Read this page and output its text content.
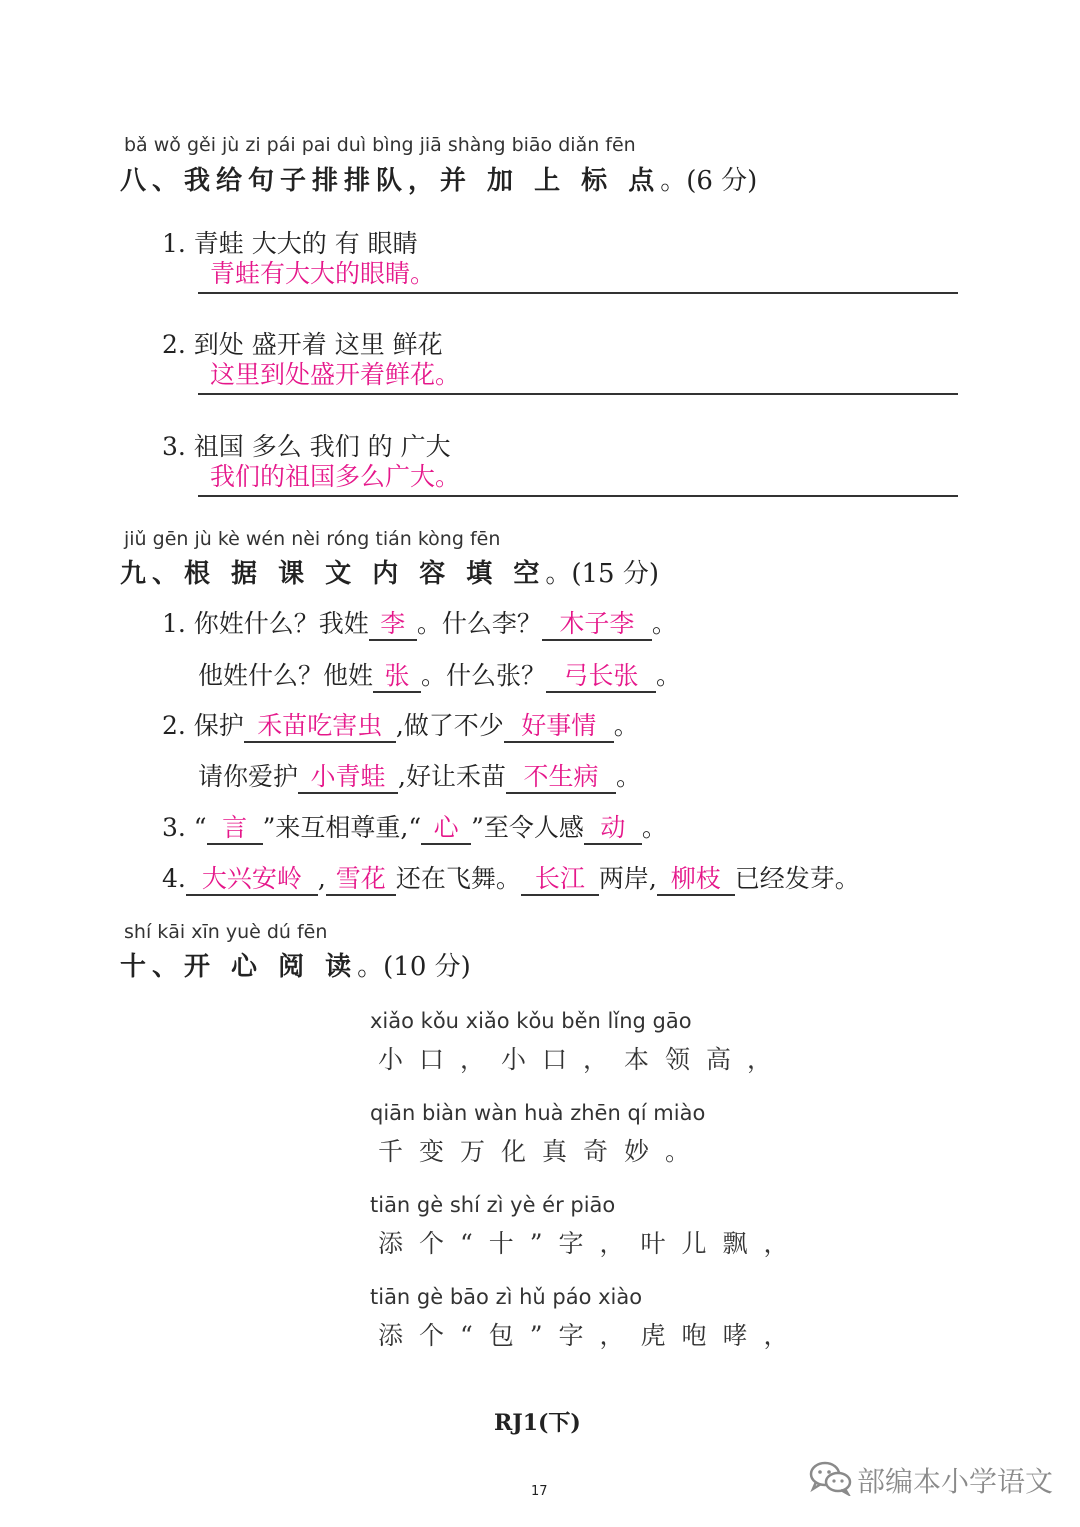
bǎ wǒ gěi jù zi pái pai duì bìng jiā shàng biāo diǎn fēn
八、我给句子排排队，并 加 上 标 点。(6 分)
1. 青蛙 大大的 有 眼睛
青蛙有大大的眼睛。
2. 到处 盛开着 这里 鲜花
这里到处盛开着鲜花。
3. 祖国 多么 我们 的 广大
我们的祖国多么广大。
jiǔ gēn jù kè wén nèi róng tián kòng fēn
九、根 据 课 文 内 容 填 空。(15 分)
1. 你姓什么？我姓 李 。什么李？ 木子李 。
他姓什么？他姓 张 。什么张？ 弓长张 。
2. 保护 禾苗吃害虫 ,做了不少 好事情 。
请你爱护 小青蛙 ,好让禾苗 不生病 。
3. “ 言 ”来互相尊重,“ 心 ”至令人感 动 。
4. 大兴安岭 , 雪花 还在飞舞。 长江 两岸, 柳枝 已经发芽。
shí kāi xīn yuè dú fēn
十、开 心 阅 读。(10 分)
xiǎo kǒu xiǎo kǒu běn lǐng gāo
小口，小口，本领高，
qiān biàn wàn huà zhēn qí miào
千变万化真奇妙。
tiān gè shí zì yè ér piāo
添个“十”字，叶儿飘，
tiān gè bāo zì hǔ páo xiào
添个“包”字，虎咆哮，
RJ1(下)
17	部编本小学语文
